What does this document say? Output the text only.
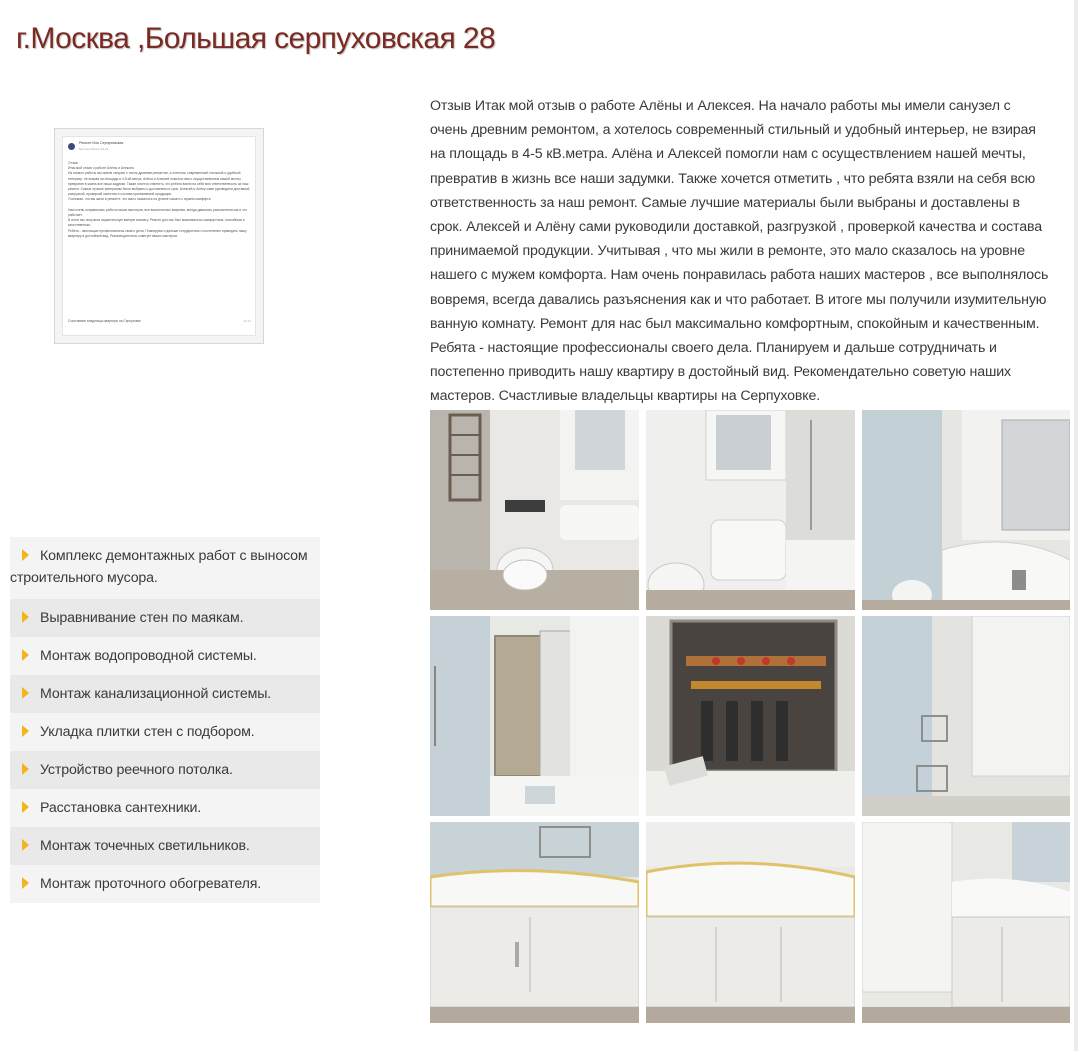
г.Москва ,Большая серпуховская 28
Ремонт Или Серпуховская
был на сайте в 21:41
Отзыв
Итак мой отзыв о работе Алёны и Алексея.
На начало работы мы имели санузел с очень древним ремонтом, а хотелось современный стильный и удобный интерьер, не взирая на площадь в 4-5 кВ.метра. Алёна и Алексей помогли нам с осуществлением нашей мечты, превратив в жизнь все наши задумки. Также хочется отметить, что ребята взяли на себя всю ответственность за наш ремонт. Самые лучшие материалы были выбраны и доставлены в срок. Алексей и Алёну сами руководили доставкой, разгрузкой, проверкой качества и состава принимаемой продукции.
Учитывая, что мы жили в ремонте, это мало сказалось на уровне нашего с мужем комфорта.

Нам очень понравилась работа наших мастеров, все выполнялось вовремя, всегда давались разъяснения как и что работает.
В итоге мы получили изумительную ванную комнату. Ремонт для нас был максимально комфортным, спокойным и качественным.
Ребята - настоящие профессионалы своего дела. Планируем и дальше сотрудничать и постепенно приводить нашу квартиру в достойный вид. Рекомендательно советую наших мастеров.
Счастливые владельцы квартиры на Серпуховке	21:41

Отзыв Итак мой отзыв о работе Алёны и Алексея. На начало работы мы имели санузел с очень древним ремонтом, а хотелось современный стильный и удобный интерьер, не взирая на площадь в 4-5 кВ.метра. Алёна и Алексей помогли нам с осуществлением нашей мечты, превратив в жизнь все наши задумки. Также хочется отметить , что ребята взяли на себя всю ответственность за наш ремонт. Самые лучшие материалы были выбраны и доставлены в срок. Алексей и Алёну сами руководили доставкой, разгрузкой , проверкой качества и состава принимаемой продукции. Учитывая , что мы жили в ремонте, это мало сказалось на уровне нашего с мужем комфорта. Нам очень понравилась работа наших мастеров , все выполнялось вовремя, всегда давались разъяснения как и что работает. В итоге мы получили изумительную ванную комнату. Ремонт для нас был максимально комфортным, спокойным и качественным. Ребята - настоящие профессионалы своего дела. Планируем и дальше сотрудничать и постепенно приводить нашу квартиру в достойный вид. Рекомендательно советую наших мастеров. Счастливые владельцы квартиры на Серпуховке.

Комплекс демонтажных работ с выносом строительного мусора.
Выравнивание стен по маякам.
Монтаж водопроводной системы.
Монтаж канализационной системы.
Укладка плитки стен с подбором.
Устройство реечного потолка.
Расстановка сантехники.
Монтаж точечных светильников.
Монтаж проточного обогревателя.
